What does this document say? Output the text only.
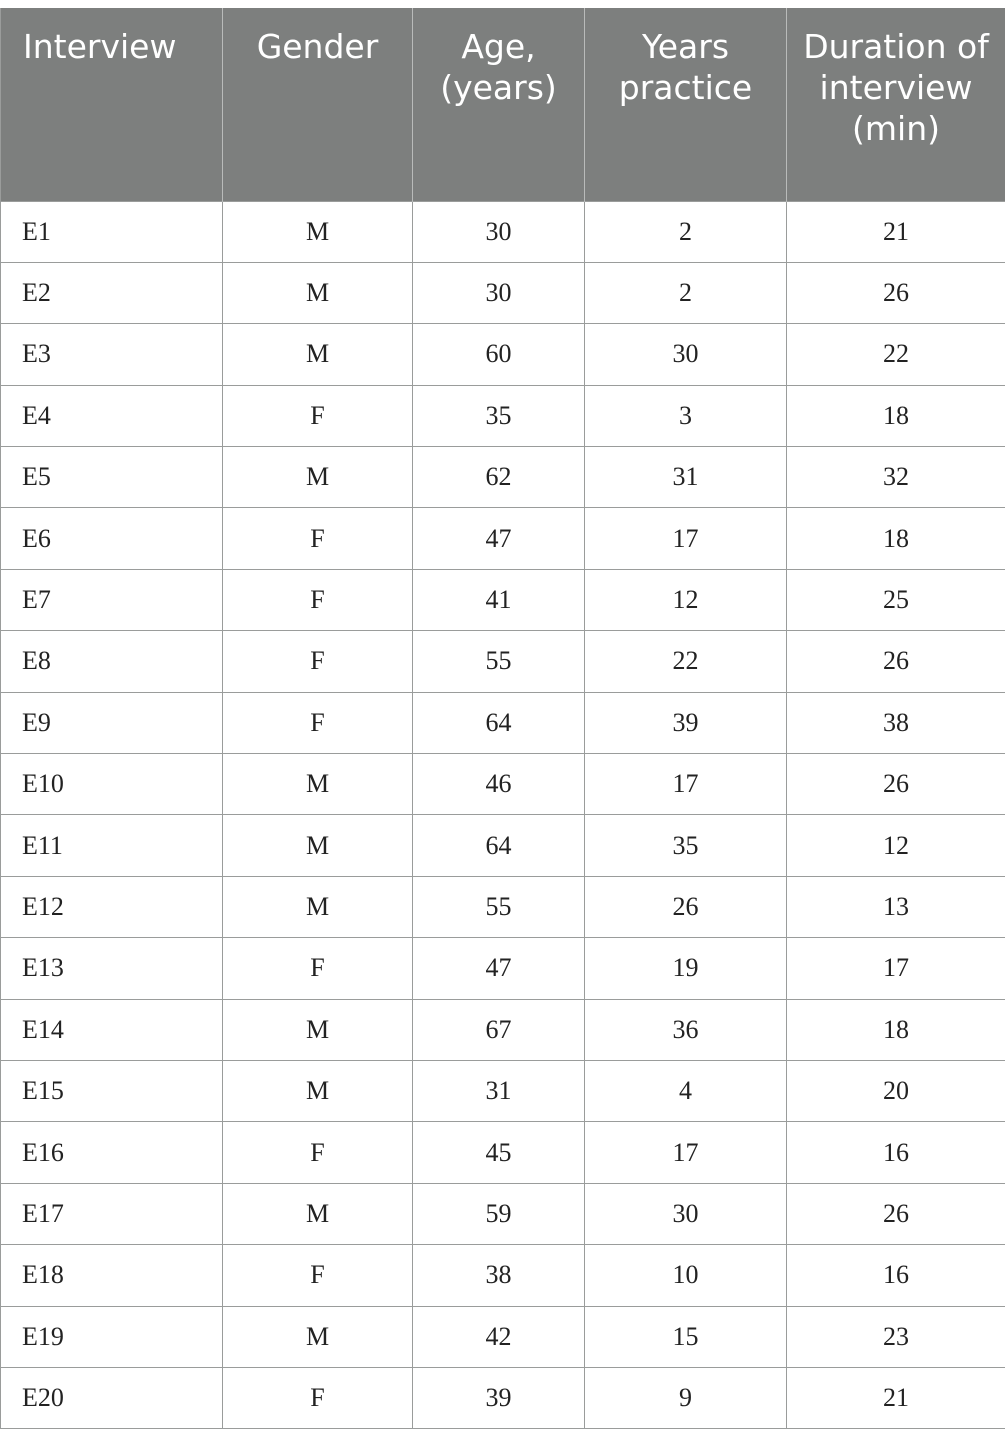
Interview	Gender	Age, (years)	Years practice	Duration of interview (min)
E1	M	30	2	21
E2	M	30	2	26
E3	M	60	30	22
E4	F	35	3	18
E5	M	62	31	32
E6	F	47	17	18
E7	F	41	12	25
E8	F	55	22	26
E9	F	64	39	38
E10	M	46	17	26
E11	M	64	35	12
E12	M	55	26	13
E13	F	47	19	17
E14	M	67	36	18
E15	M	31	4	20
E16	F	45	17	16
E17	M	59	30	26
E18	F	38	10	16
E19	M	42	15	23
E20	F	39	9	21
